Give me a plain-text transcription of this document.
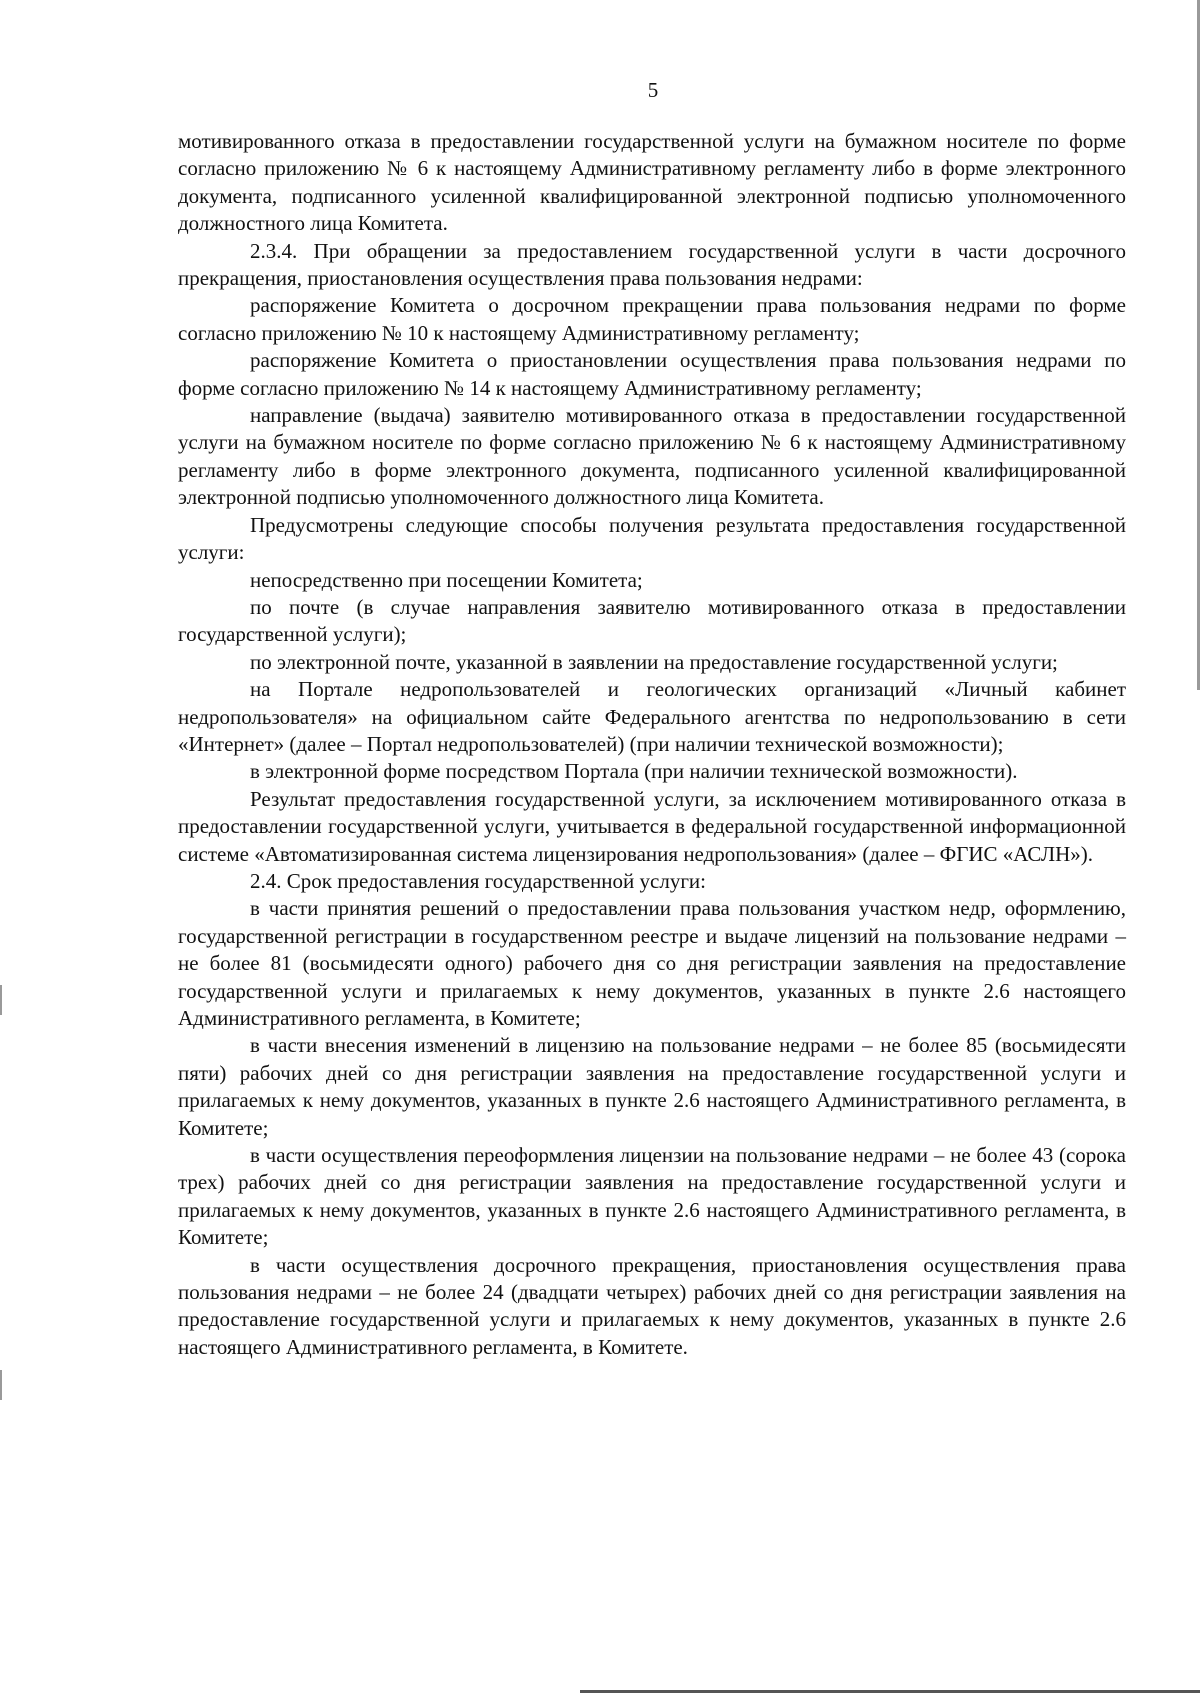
5

мотивированного отказа в предоставлении государственной услуги на бумажном носителе по форме согласно приложению № 6 к настоящему Административному регламенту либо в форме электронного документа, подписанного усиленной квалифицированной электронной подписью уполномоченного должностного лица Комитета.

2.3.4. При обращении за предоставлением государственной услуги в части досрочного прекращения, приостановления осуществления права пользования недрами:

распоряжение Комитета о досрочном прекращении права пользования недрами по форме согласно приложению № 10 к настоящему Административному регламенту;

распоряжение Комитета о приостановлении осуществления права пользования недрами по форме согласно приложению № 14 к настоящему Административному регламенту;

направление (выдача) заявителю мотивированного отказа в предоставлении государственной услуги на бумажном носителе по форме согласно приложению № 6 к настоящему Административному регламенту либо в форме электронного документа, подписанного усиленной квалифицированной электронной подписью уполномоченного должностного лица Комитета.

Предусмотрены следующие способы получения результата предоставления государственной услуги:

непосредственно при посещении Комитета;

по почте (в случае направления заявителю мотивированного отказа в предоставлении государственной услуги);

по электронной почте, указанной в заявлении на предоставление государственной услуги;

на Портале недропользователей и геологических организаций «Личный кабинет недропользователя» на официальном сайте Федерального агентства по недропользованию в сети «Интернет» (далее – Портал недропользователей) (при наличии технической возможности);

в электронной форме посредством Портала (при наличии технической возможности).

Результат предоставления государственной услуги, за исключением мотивированного отказа в предоставлении государственной услуги, учитывается в федеральной государственной информационной системе «Автоматизированная система лицензирования недропользования» (далее – ФГИС «АСЛН»).

2.4. Срок предоставления государственной услуги:

в части принятия решений о предоставлении права пользования участком недр, оформлению, государственной регистрации в государственном реестре и выдаче лицензий на пользование недрами – не более 81 (восьмидесяти одного) рабочего дня со дня регистрации заявления на предоставление государственной услуги и прилагаемых к нему документов, указанных в пункте 2.6 настоящего Административного регламента, в Комитете;

в части внесения изменений в лицензию на пользование недрами – не более 85 (восьмидесяти пяти) рабочих дней со дня регистрации заявления на предоставление государственной услуги и прилагаемых к нему документов, указанных в пункте 2.6 настоящего Административного регламента, в Комитете;

в части осуществления переоформления лицензии на пользование недрами – не более 43 (сорока трех) рабочих дней со дня регистрации заявления на предоставление государственной услуги и прилагаемых к нему документов, указанных в пункте 2.6 настоящего Административного регламента, в Комитете;

в части осуществления досрочного прекращения, приостановления осуществления права пользования недрами – не более 24 (двадцати четырех) рабочих дней со дня регистрации заявления на предоставление государственной услуги и прилагаемых к нему документов, указанных в пункте 2.6 настоящего Административного регламента, в Комитете.
